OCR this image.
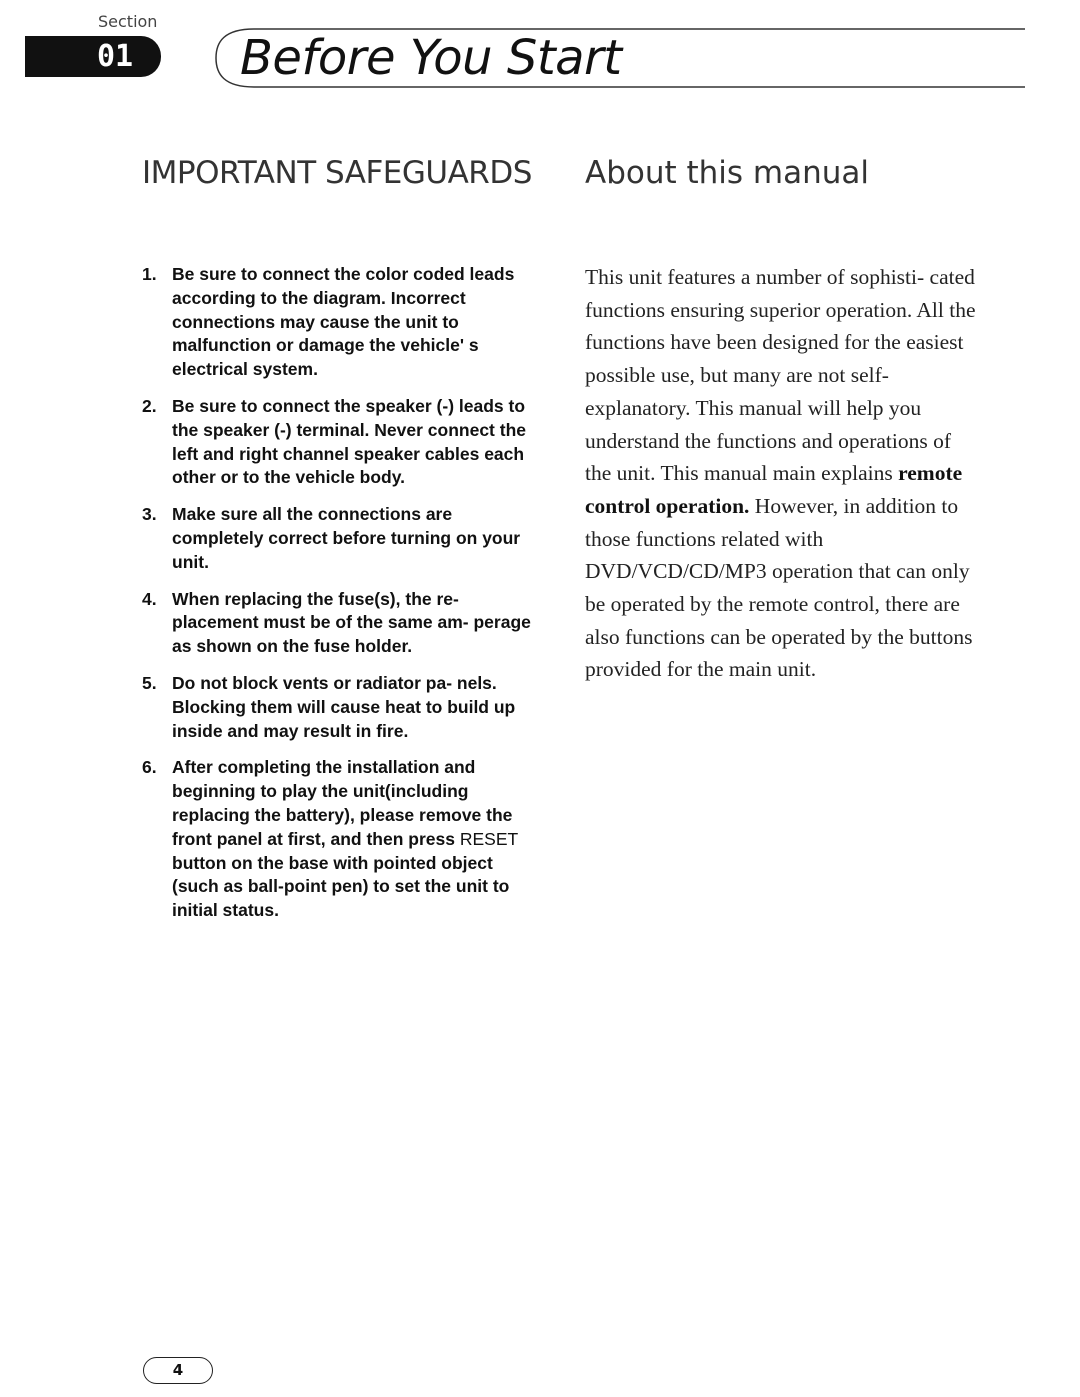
Section
01	Before You Start
IMPORTANT SAFEGUARDS About this manual
1. Be sure to connect the color coded leads according to the diagram. Incorrect connections may cause the unit to malfunction or damage the vehicle' s electrical system.
2. Be sure to connect the speaker (-) leads to the speaker (-) terminal. Never connect the left and right channel speaker cables each other or to the vehicle body.
3. Make sure all the connections are completely correct before turning on your unit.
4. When replacing the fuse(s), the re- placement must be of the same am- perage as shown on the fuse holder.
5. Do not block vents or radiator pa- nels. Blocking them will cause heat to build up inside and may result in fire.
6. After completing the installation and beginning to play the unit(including replacing the battery), please remove the front panel at first, and then press RESET button on the base with pointed object (such as ball-point pen) to set the unit to initial status.

This unit features a number of sophisti- cated functions ensuring superior operation. All the functions have been designed for the easiest possible use, but many are not self-explanatory. This manual will help you understand the functions and operations of the unit. This manual main explains remote control operation. However, in addition to those functions related with DVD/VCD/CD/MP3 operation that can only be operated by the remote control, there are also functions can be operated by the buttons provided for the main unit.

4
